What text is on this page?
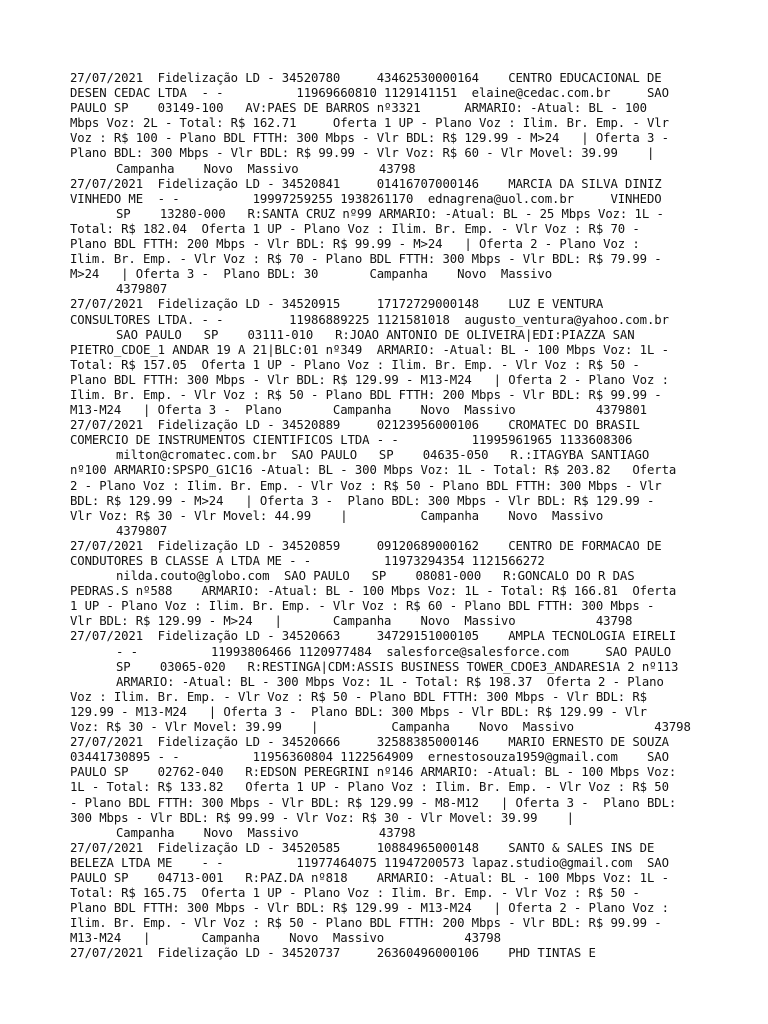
27/07/2021  Fidelização LD - 34520780     43462530000164    CENTRO EDUCACIONAL DE
DESEN CEDAC LTDA  - -          11969660810 1129141151  elaine@cedac.com.br     SAO
PAULO SP    03149-100   AV:PAES DE BARROS nº3321      ARMARIO: -Atual: BL - 100
Mbps Voz: 2L - Total: R$ 162.71     Oferta 1 UP - Plano Voz : Ilim. Br. Emp. - Vlr
Voz : R$ 100 - Plano BDL FTTH: 300 Mbps - Vlr BDL: R$ 129.99 - M>24   | Oferta 3 -
Plano BDL: 300 Mbps - Vlr BDL: R$ 99.99 - Vlr Voz: R$ 60 - Vlr Movel: 39.99    |
Campanha    Novo  Massivo           43798
27/07/2021  Fidelização LD - 34520841     01416707000146    MARCIA DA SILVA DINIZ
VINHEDO ME  - -          19997259255 1938261170  ednagrena@uol.com.br     VINHEDO
SP    13280-000   R:SANTA CRUZ nº99 ARMARIO: -Atual: BL - 25 Mbps Voz: 1L -
Total: R$ 182.04  Oferta 1 UP - Plano Voz : Ilim. Br. Emp. - Vlr Voz : R$ 70 -
Plano BDL FTTH: 200 Mbps - Vlr BDL: R$ 99.99 - M>24   | Oferta 2 - Plano Voz :
Ilim. Br. Emp. - Vlr Voz : R$ 70 - Plano BDL FTTH: 300 Mbps - Vlr BDL: R$ 79.99 -
M>24   | Oferta 3 -  Plano BDL: 30       Campanha    Novo  Massivo
4379807
27/07/2021  Fidelização LD - 34520915     17172729000148    LUZ E VENTURA
CONSULTORES LTDA. - -         11986889225 1121581018  augusto_ventura@yahoo.com.br
SAO PAULO   SP    03111-010   R:JOAO ANTONIO DE OLIVEIRA|EDI:PIAZZA SAN
PIETRO_CDOE_1 ANDAR 19 A 21|BLC:01 nº349  ARMARIO: -Atual: BL - 100 Mbps Voz: 1L -
Total: R$ 157.05  Oferta 1 UP - Plano Voz : Ilim. Br. Emp. - Vlr Voz : R$ 50 -
Plano BDL FTTH: 300 Mbps - Vlr BDL: R$ 129.99 - M13-M24   | Oferta 2 - Plano Voz :
Ilim. Br. Emp. - Vlr Voz : R$ 50 - Plano BDL FTTH: 200 Mbps - Vlr BDL: R$ 99.99 -
M13-M24   | Oferta 3 -  Plano       Campanha    Novo  Massivo           4379801
27/07/2021  Fidelização LD - 34520889     02123956000106    CROMATEC DO BRASIL
COMERCIO DE INSTRUMENTOS CIENTIFICOS LTDA - -          11995961965 1133608306
milton@cromatec.com.br  SAO PAULO   SP    04635-050   R.:ITAGYBA SANTIAGO
nº100 ARMARIO:SPSPO_G1C16 -Atual: BL - 300 Mbps Voz: 1L - Total: R$ 203.82   Oferta
2 - Plano Voz : Ilim. Br. Emp. - Vlr Voz : R$ 50 - Plano BDL FTTH: 300 Mbps - Vlr
BDL: R$ 129.99 - M>24   | Oferta 3 -  Plano BDL: 300 Mbps - Vlr BDL: R$ 129.99 -
Vlr Voz: R$ 30 - Vlr Movel: 44.99    |          Campanha    Novo  Massivo
4379807
27/07/2021  Fidelização LD - 34520859     09120689000162    CENTRO DE FORMACAO DE
CONDUTORES B CLASSE A LTDA ME - -          11973294354 1121566272
nilda.couto@globo.com  SAO PAULO   SP    08081-000   R:GONCALO DO R DAS
PEDRAS.S nº588    ARMARIO: -Atual: BL - 100 Mbps Voz: 1L - Total: R$ 166.81  Oferta
1 UP - Plano Voz : Ilim. Br. Emp. - Vlr Voz : R$ 60 - Plano BDL FTTH: 300 Mbps -
Vlr BDL: R$ 129.99 - M>24   |       Campanha    Novo  Massivo           43798
27/07/2021  Fidelização LD - 34520663     34729151000105    AMPLA TECNOLOGIA EIRELI
- -          11993806466 1120977484  salesforce@salesforce.com     SAO PAULO
SP    03065-020   R:RESTINGA|CDM:ASSIS BUSINESS TOWER_CDOE3_ANDARES1A 2 nº113
ARMARIO: -Atual: BL - 300 Mbps Voz: 1L - Total: R$ 198.37  Oferta 2 - Plano
Voz : Ilim. Br. Emp. - Vlr Voz : R$ 50 - Plano BDL FTTH: 300 Mbps - Vlr BDL: R$
129.99 - M13-M24   | Oferta 3 -  Plano BDL: 300 Mbps - Vlr BDL: R$ 129.99 - Vlr
Voz: R$ 30 - Vlr Movel: 39.99    |          Campanha    Novo  Massivo           43798
27/07/2021  Fidelização LD - 34520666     32588385000146    MARIO ERNESTO DE SOUZA
03441730895 - -          11956360804 1122564909  ernestosouza1959@gmail.com    SAO
PAULO SP    02762-040   R:EDSON PEREGRINI nº146 ARMARIO: -Atual: BL - 100 Mbps Voz:
1L - Total: R$ 133.82   Oferta 1 UP - Plano Voz : Ilim. Br. Emp. - Vlr Voz : R$ 50
- Plano BDL FTTH: 300 Mbps - Vlr BDL: R$ 129.99 - M8-M12   | Oferta 3 -  Plano BDL:
300 Mbps - Vlr BDL: R$ 99.99 - Vlr Voz: R$ 30 - Vlr Movel: 39.99    |
Campanha    Novo  Massivo           43798
27/07/2021  Fidelização LD - 34520585     10884965000148    SANTO & SALES INS DE
BELEZA LTDA ME    - -          11977464075 11947200573 lapaz.studio@gmail.com  SAO
PAULO SP    04713-001   R:PAZ.DA nº818    ARMARIO: -Atual: BL - 100 Mbps Voz: 1L -
Total: R$ 165.75  Oferta 1 UP - Plano Voz : Ilim. Br. Emp. - Vlr Voz : R$ 50 -
Plano BDL FTTH: 300 Mbps - Vlr BDL: R$ 129.99 - M13-M24   | Oferta 2 - Plano Voz :
Ilim. Br. Emp. - Vlr Voz : R$ 50 - Plano BDL FTTH: 200 Mbps - Vlr BDL: R$ 99.99 -
M13-M24   |       Campanha    Novo  Massivo           43798
27/07/2021  Fidelização LD - 34520737     26360496000106    PHD TINTAS E
